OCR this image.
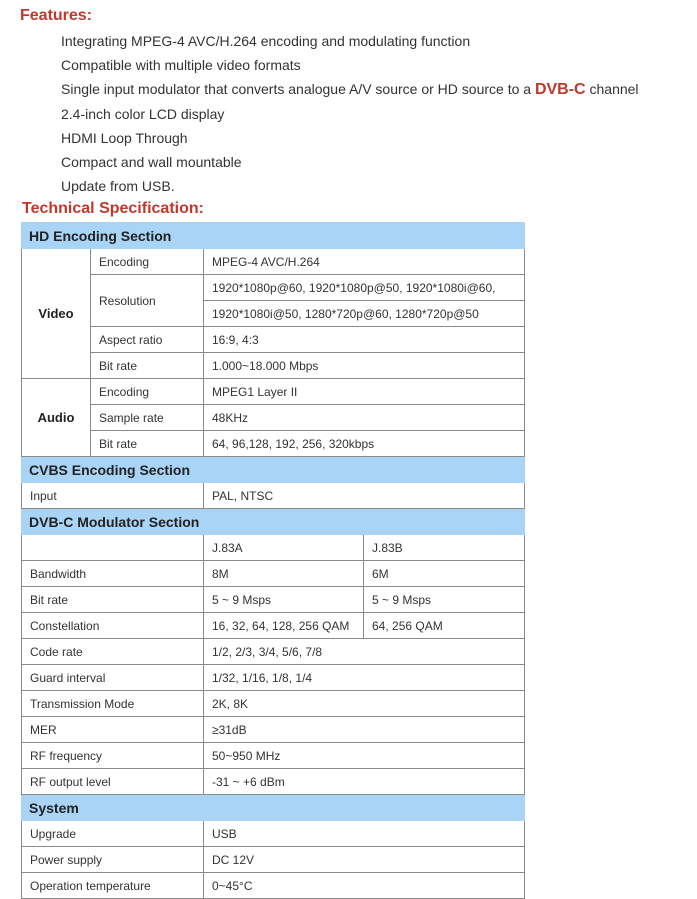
Features:
Integrating MPEG-4 AVC/H.264 encoding and modulating function
Compatible with multiple video formats
Single input modulator that converts analogue A/V source or HD source to a DVB-C channel
2.4-inch color LCD display
HDMI Loop Through
Compact and wall mountable
Update from USB.
Technical Specification:
HD Encoding Section			
Video	Encoding	MPEG-4 AVC/H.264	
	Resolution	1920*1080p@60, 1920*1080p@50, 1920*1080i@60,	
		1920*1080i@50, 1280*720p@60, 1280*720p@50	
	Aspect ratio	16:9, 4:3	
	Bit rate	1.000~18.000 Mbps	
Audio	Encoding	MPEG1 Layer II	
	Sample rate	48KHz	
	Bit rate	64, 96,128, 192, 256, 320kbps	
CVBS Encoding Section			
Input		PAL, NTSC	
DVB-C Modulator Section			
		J.83A	J.83B
Bandwidth		8M	6M
Bit rate		5 ~ 9 Msps	5 ~ 9 Msps
Constellation		16, 32, 64, 128, 256 QAM	64, 256 QAM
Code rate		1/2, 2/3, 3/4, 5/6, 7/8	
Guard interval		1/32, 1/16, 1/8, 1/4	
Transmission Mode		2K, 8K	
MER		≥31dB	
RF frequency		50~950 MHz	
RF output level		-31 ~ +6 dBm	
System			
Upgrade		USB	
Power supply		DC 12V	
Operation temperature		0~45°C	
